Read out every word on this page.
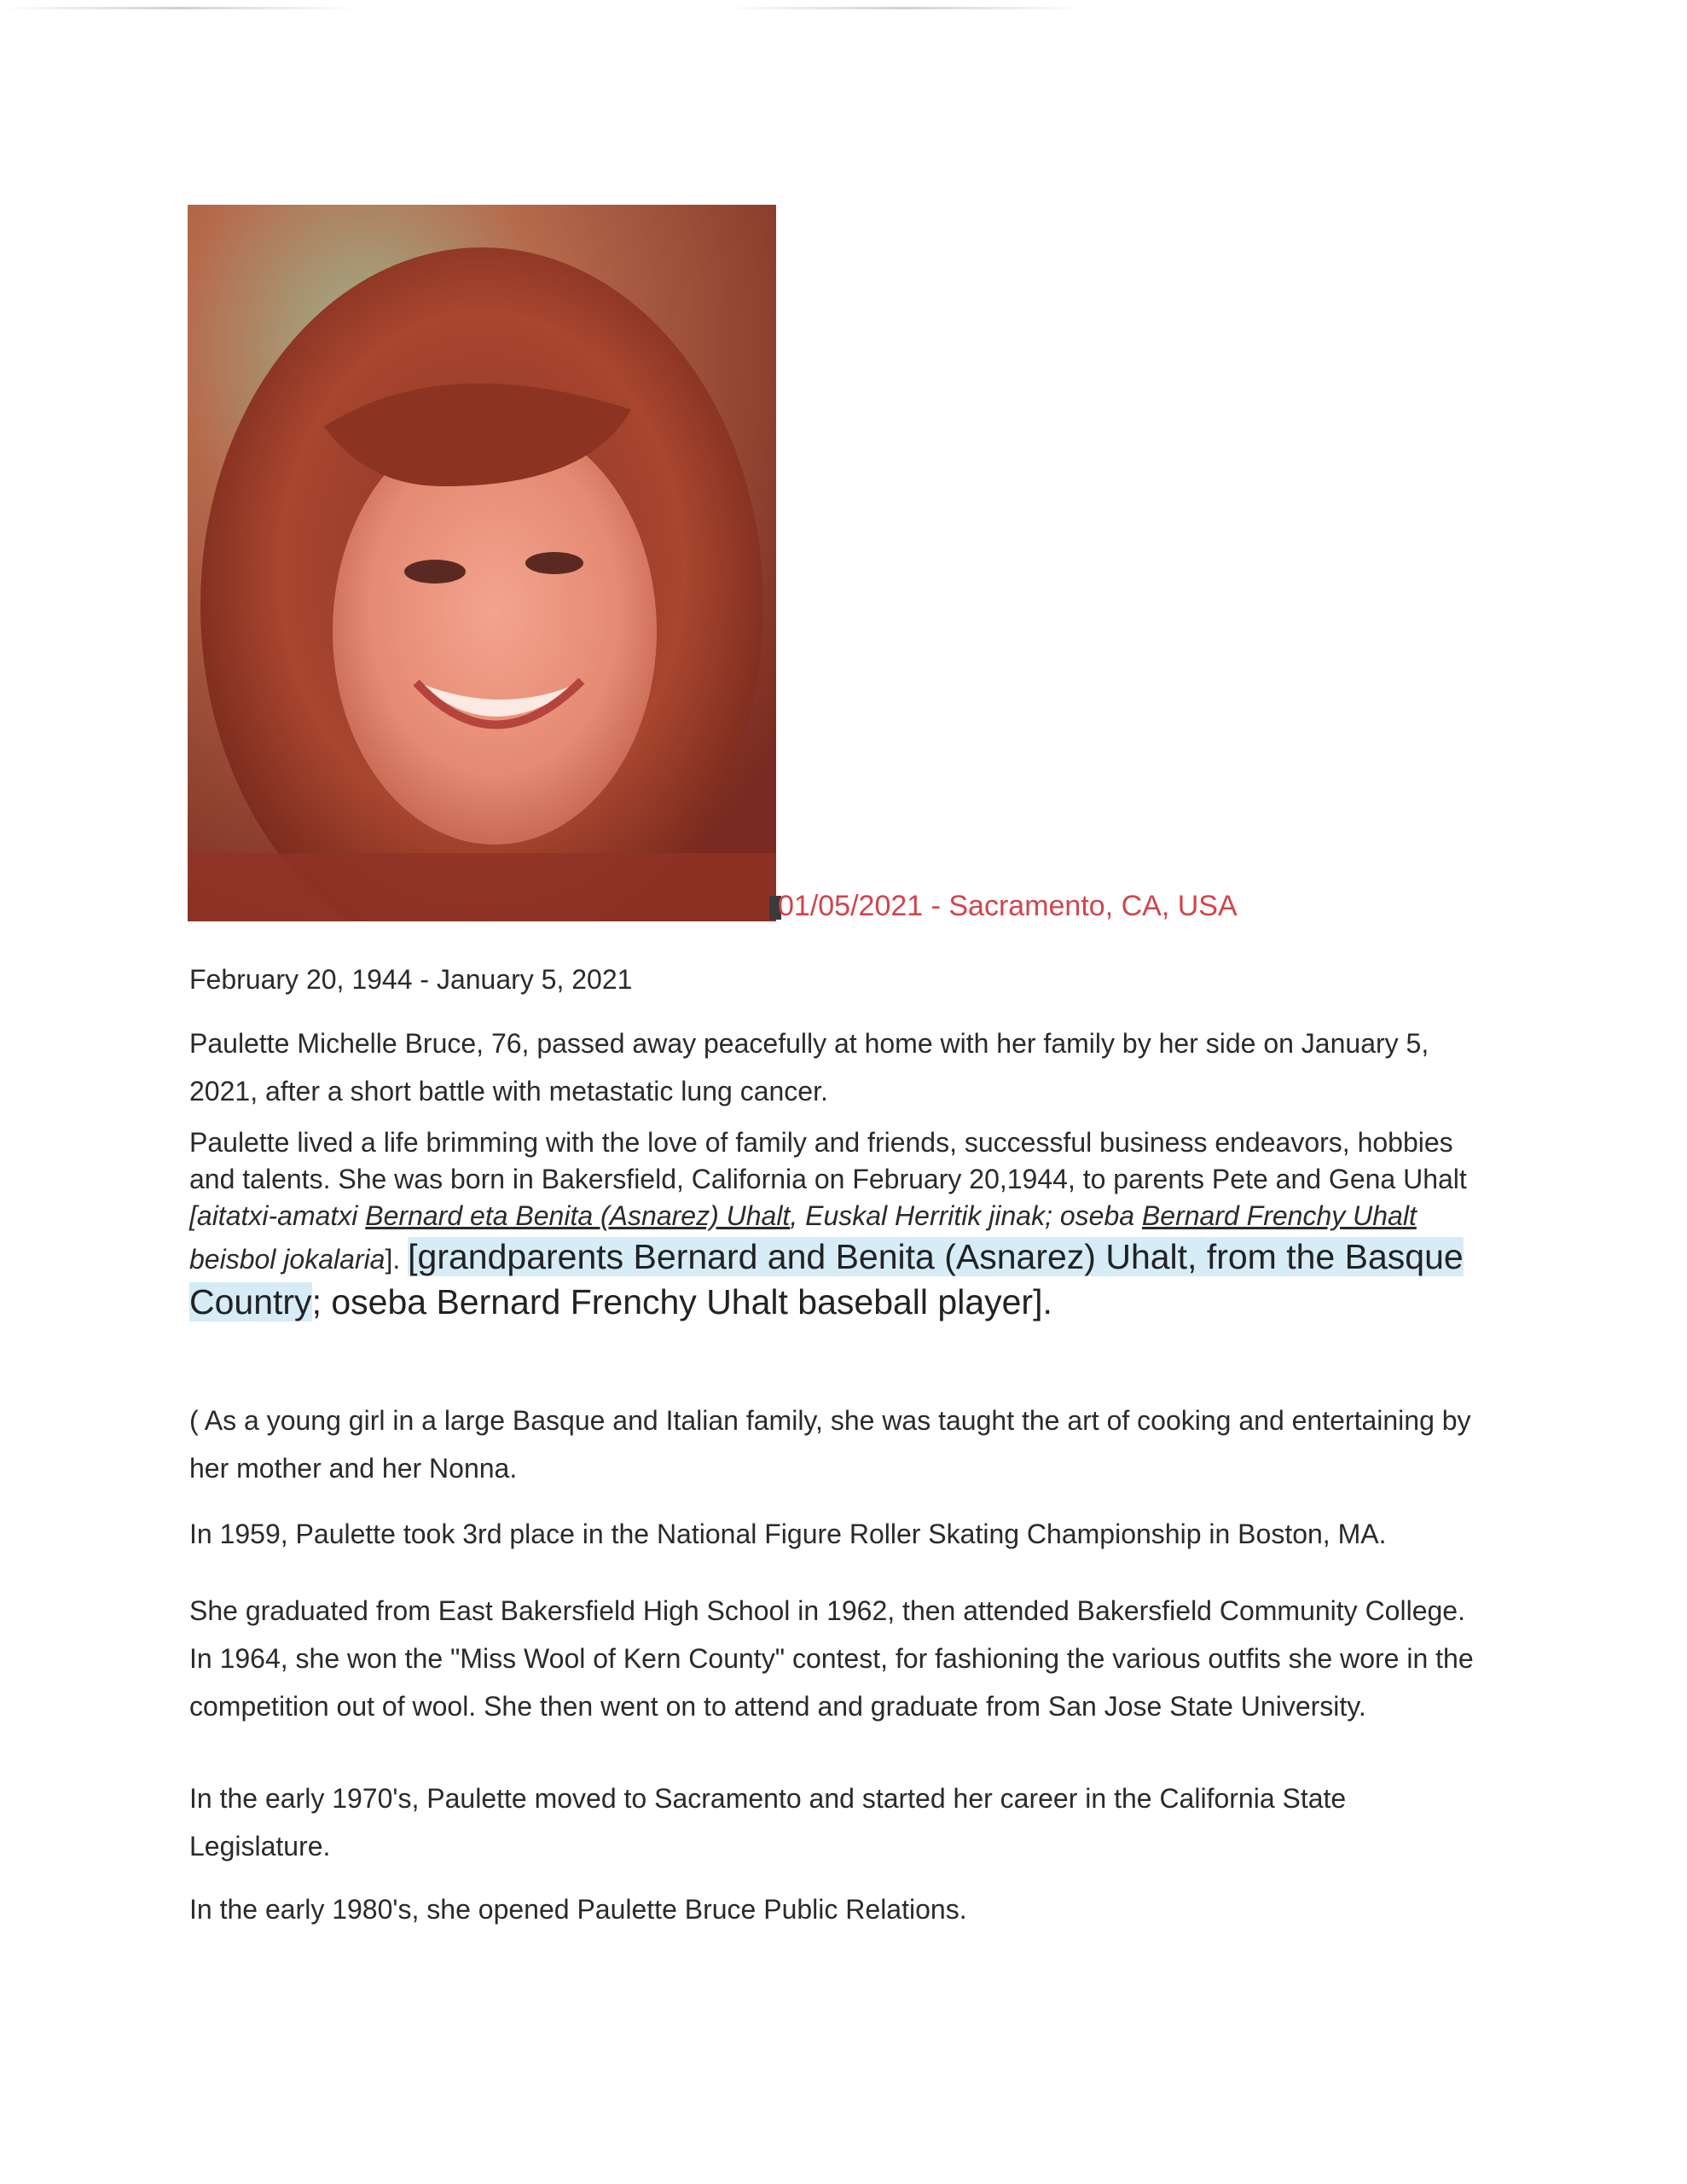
01/05/2021 - Sacramento, CA, USA

February 20, 1944 - January 5, 2021

Paulette Michelle Bruce, 76, passed away peacefully at home with her family by her side on January 5, 2021, after a short battle with metastatic lung cancer.

Paulette lived a life brimming with the love of family and friends, successful business endeavors, hobbies and talents. She was born in Bakersfield, California on February 20,1944, to parents Pete and Gena Uhalt [aitatxi-amatxi Bernard eta Benita (Asnarez) Uhalt, Euskal Herritik jinak; oseba Bernard Frenchy Uhalt beisbol jokalaria]. [grandparents Bernard and Benita (Asnarez) Uhalt, from the Basque Country; oseba Bernard Frenchy Uhalt baseball player].

( As a young girl in a large Basque and Italian family, she was taught the art of cooking and entertaining by her mother and her Nonna.

In 1959, Paulette took 3rd place in the National Figure Roller Skating Championship in Boston, MA.

She graduated from East Bakersfield High School in 1962, then attended Bakersfield Community College. In 1964, she won the "Miss Wool of Kern County" contest, for fashioning the various outfits she wore in the competition out of wool. She then went on to attend and graduate from San Jose State University.

In the early 1970's, Paulette moved to Sacramento and started her career in the California State Legislature.

In the early 1980's, she opened Paulette Bruce Public Relations.
